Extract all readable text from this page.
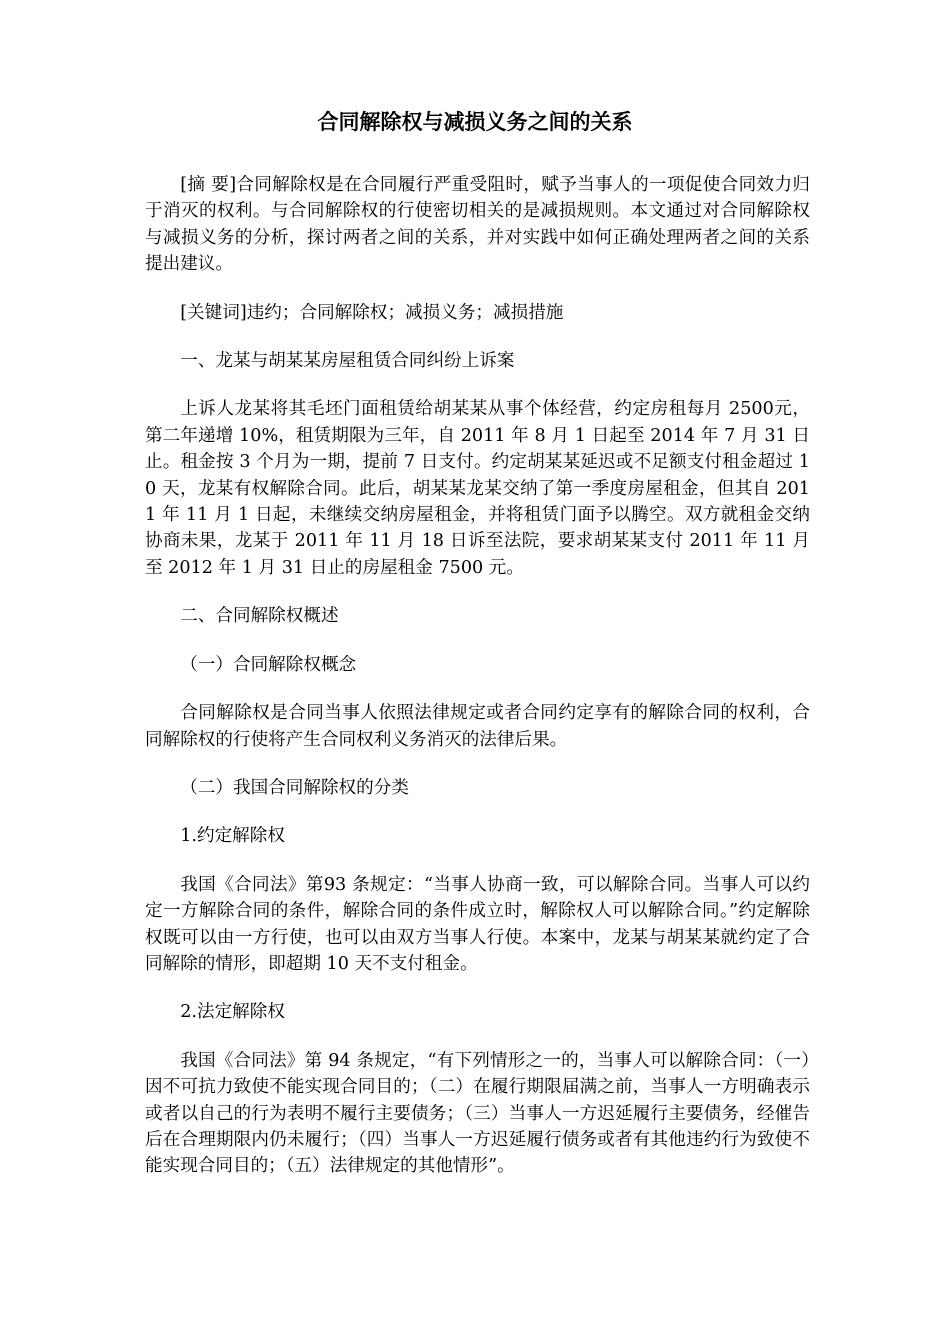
合同解除权与减损义务之间的关系

[摘 要]合同解除权是在合同履行严重受阻时，赋予当事人的一项促使合同效力归于消灭的权利。与合同解除权的行使密切相关的是减损规则。本文通过对合同解除权与减损义务的分析，探讨两者之间的关系，并对实践中如何正确处理两者之间的关系提出建议。

[关键词]违约；合同解除权；减损义务；减损措施

一、龙某与胡某某房屋租赁合同纠纷上诉案

上诉人龙某将其毛坯门面租赁给胡某某从事个体经营，约定房租每月 2500元，第二年递增 10%，租赁期限为三年，自 2011 年 8 月 1 日起至 2014 年 7 月 31 日止。租金按 3 个月为一期，提前 7 日支付。约定胡某某延迟或不足额支付租金超过 10 天，龙某有权解除合同。此后，胡某某龙某交纳了第一季度房屋租金，但其自 2011 年 11 月 1 日起，未继续交纳房屋租金，并将租赁门面予以腾空。双方就租金交纳协商未果，龙某于 2011 年 11 月 18 日诉至法院，要求胡某某支付 2011 年 11 月至 2012 年 1 月 31 日止的房屋租金 7500 元。

二、合同解除权概述

（一）合同解除权概念

合同解除权是合同当事人依照法律规定或者合同约定享有的解除合同的权利，合同解除权的行使将产生合同权利义务消灭的法律后果。

（二）我国合同解除权的分类

1.约定解除权

我国《合同法》第93 条规定：“当事人协商一致，可以解除合同。当事人可以约定一方解除合同的条件，解除合同的条件成立时，解除权人可以解除合同。”约定解除权既可以由一方行使，也可以由双方当事人行使。本案中，龙某与胡某某就约定了合同解除的情形，即超期 10 天不支付租金。

2.法定解除权

我国《合同法》第 94 条规定，“有下列情形之一的，当事人可以解除合同：（一）因不可抗力致使不能实现合同目的；（二）在履行期限届满之前，当事人一方明确表示或者以自己的行为表明不履行主要债务；（三）当事人一方迟延履行主要债务，经催告后在合理期限内仍未履行；（四）当事人一方迟延履行债务或者有其他违约行为致使不能实现合同目的；（五）法律规定的其他情形”。
